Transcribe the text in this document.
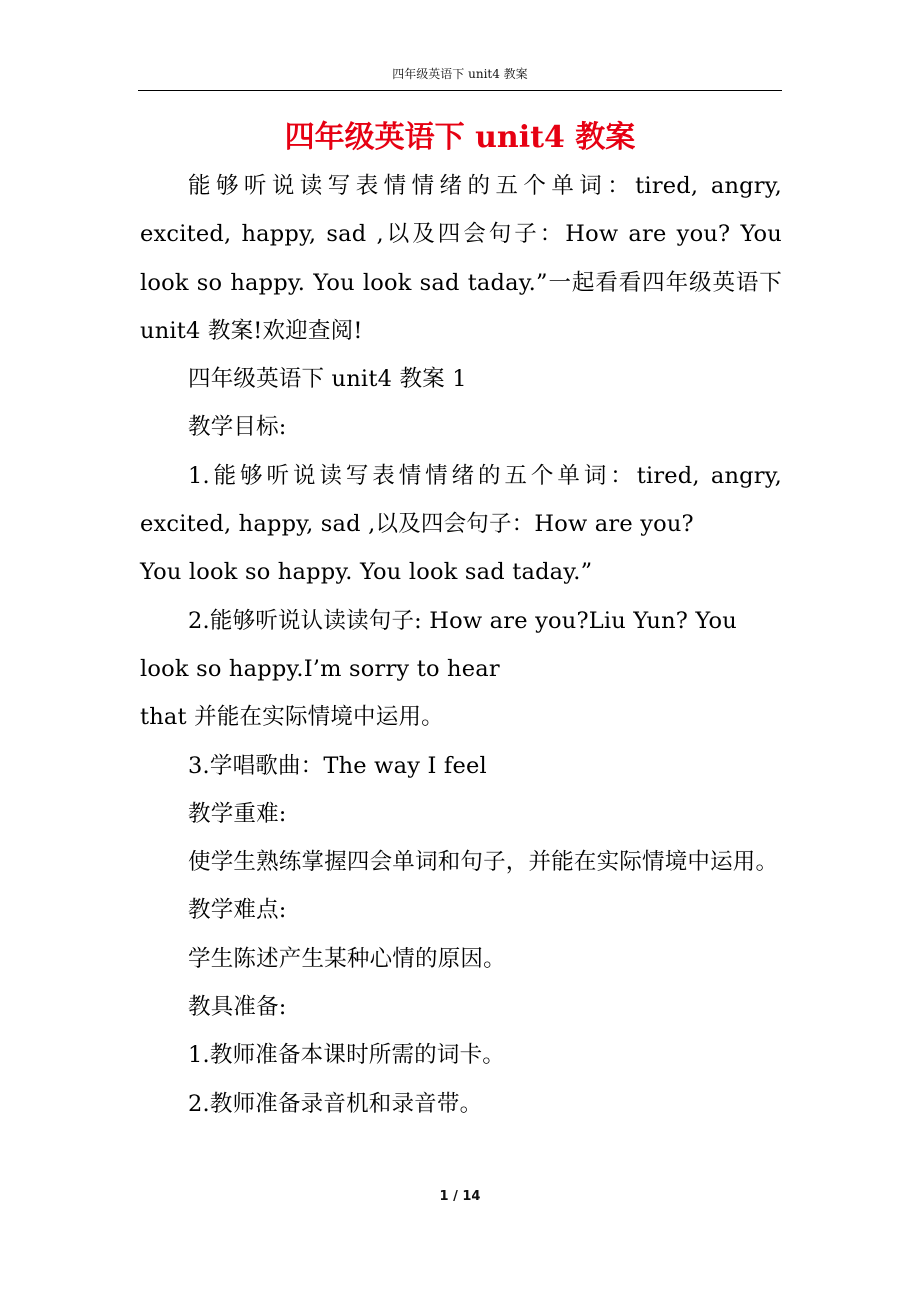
四年级英语下 unit4 教案
四年级英语下 unit4 教案

能够听说读写表情情绪的五个单词：tired, angry, excited, happy, sad ,以及四会句子：How are you? You look so happy. You look sad taday.”一起看看四年级英语下 unit4 教案!欢迎查阅!

四年级英语下 unit4 教案 1

教学目标:

1.能够听说读写表情情绪的五个单词：tired, angry, excited, happy, sad ,以及四会句子：How are you?

You look so happy. You look sad taday.”

2.能够听说认读读句子: How are you?Liu Yun? You look so happy.I’m sorry to hear

that 并能在实际情境中运用。

3.学唱歌曲：The way I feel

教学重难:

使学生熟练掌握四会单词和句子，并能在实际情境中运用。

教学难点:

学生陈述产生某种心情的原因。

教具准备:

1.教师准备本课时所需的词卡。

2.教师准备录音机和录音带。

1 / 14
